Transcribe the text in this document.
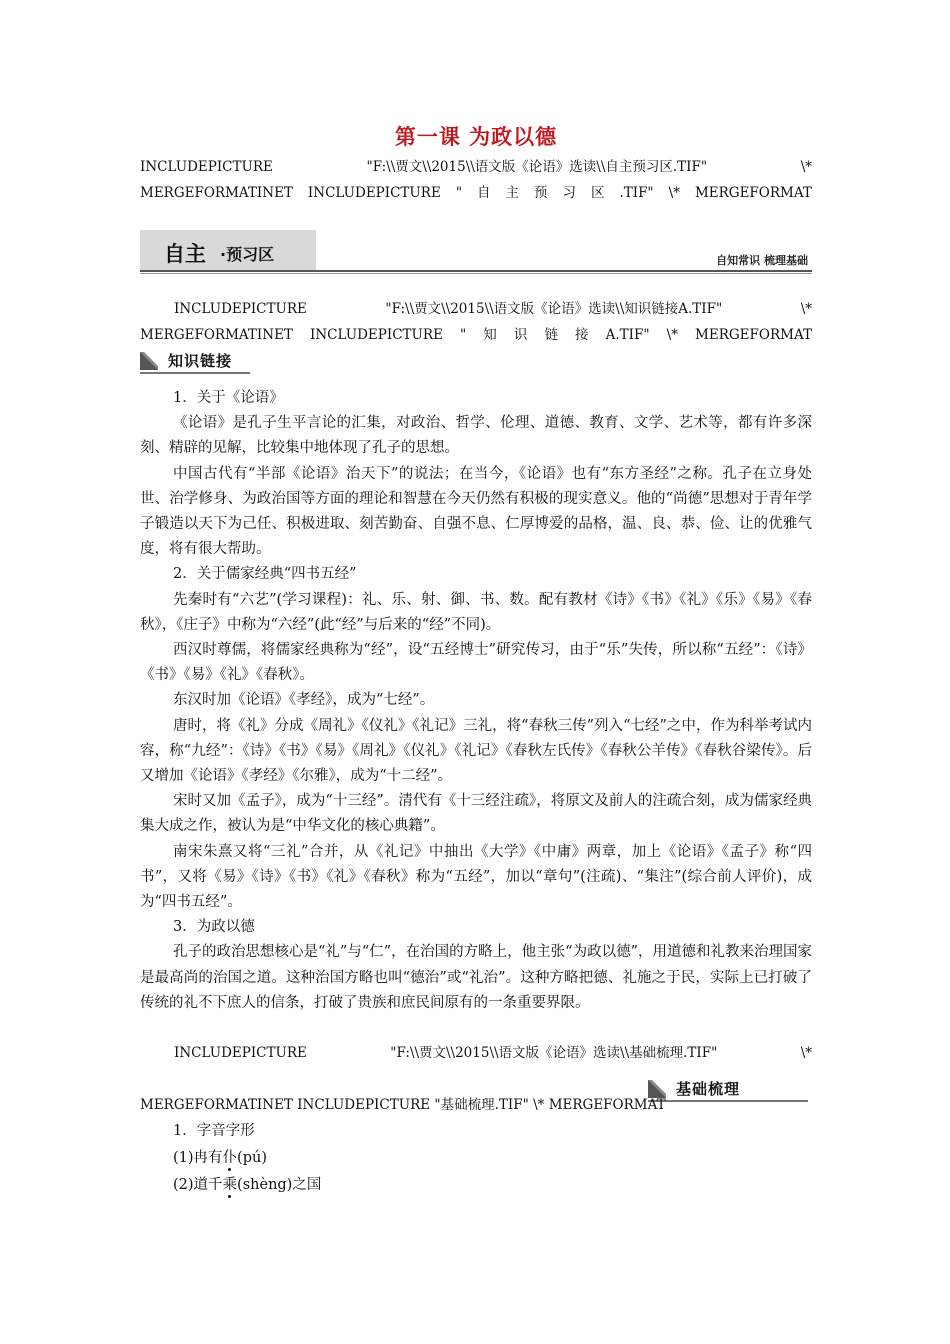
第一课 为政以德
INCLUDEPICTURE	"F:\\贾文\\2015\\语文版《论语》选读\\自主预习区.TIF"	\*
MERGEFORMATINET INCLUDEPICTURE " 自 主 预 习 区 .TIF" \* MERGEFORMAT
自主 ·预习区	自知常识 梳理基础
INCLUDEPICTURE	"F:\\贾文\\2015\\语文版《论语》选读\\知识链接A.TIF"	\*
MERGEFORMATINET INCLUDEPICTURE " 知 识 链 接 A.TIF" \* MERGEFORMAT
知识链接

1．关于《论语》

《论语》是孔子生平言论的汇集，对政治、哲学、伦理、道德、教育、文学、艺术等，都有许多深刻、精辟的见解，比较集中地体现了孔子的思想。

中国古代有“半部《论语》治天下”的说法；在当今，《论语》也有“东方圣经”之称。孔子在立身处世、治学修身、为政治国等方面的理论和智慧在今天仍然有积极的现实意义。他的“尚德”思想对于青年学子锻造以天下为己任、积极进取、刻苦勤奋、自强不息、仁厚博爱的品格，温、良、恭、俭、让的优雅气度，将有很大帮助。

2．关于儒家经典“四书五经”

先秦时有“六艺”(学习课程)：礼、乐、射、御、书、数。配有教材《诗》《书》《礼》《乐》《易》《春秋》，《庄子》中称为“六经”(此“经”与后来的“经”不同)。

西汉时尊儒，将儒家经典称为“经”，设“五经博士”研究传习，由于“乐”失传，所以称“五经”：《诗》《书》《易》《礼》《春秋》。

东汉时加《论语》《孝经》，成为“七经”。

唐时，将《礼》分成《周礼》《仪礼》《礼记》三礼，将“春秋三传”列入“七经”之中，作为科举考试内容，称“九经”：《诗》《书》《易》《周礼》《仪礼》《礼记》《春秋左氏传》《春秋公羊传》《春秋谷梁传》。后又增加《论语》《孝经》《尔雅》，成为“十二经”。

宋时又加《孟子》，成为“十三经”。清代有《十三经注疏》，将原文及前人的注疏合刻，成为儒家经典集大成之作，被认为是“中华文化的核心典籍”。

南宋朱熹又将“三礼”合并，从《礼记》中抽出《大学》《中庸》两章，加上《论语》《孟子》称“四书”，又将《易》《诗》《书》《礼》《春秋》称为“五经”，加以“章句”(注疏)、“集注”(综合前人评价)，成为“四书五经”。

3．为政以德

孔子的政治思想核心是“礼”与“仁”，在治国的方略上，他主张“为政以德”，用道德和礼教来治理国家是最高尚的治国之道。这种治国方略也叫“德治”或“礼治”。这种方略把德、礼施之于民，实际上已打破了传统的礼不下庶人的信条，打破了贵族和庶民间原有的一条重要界限。

INCLUDEPICTURE	"F:\\贾文\\2015\\语文版《论语》选读\\基础梳理.TIF"	\*
基础梳理
MERGEFORMATINET INCLUDEPICTURE "基础梳理.TIF" \* MERGEFORMAT

1．字音字形

(1)冉有仆(pú)

(2)道千乘(shèng)之国
